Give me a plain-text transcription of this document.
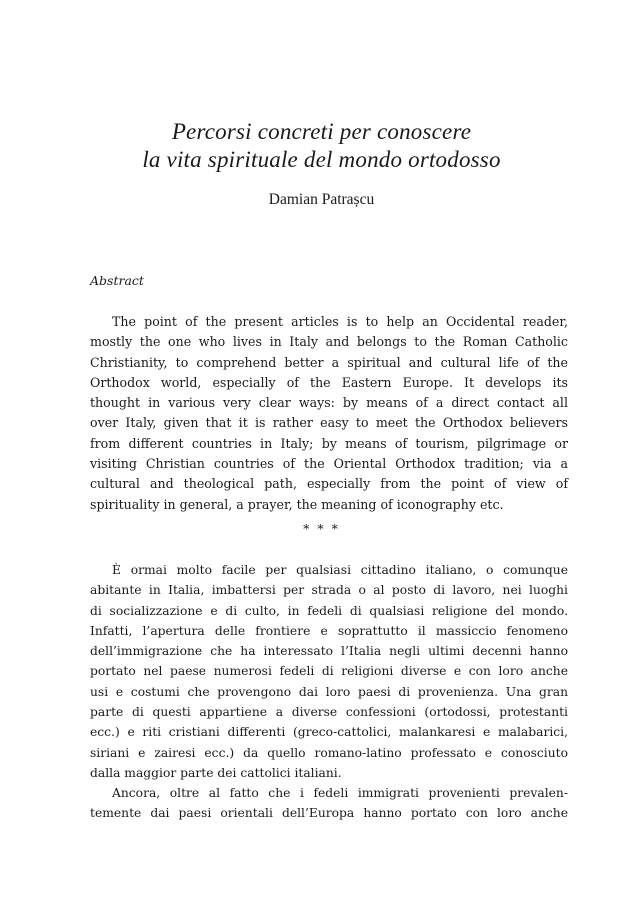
Percorsi concreti per conoscere
la vita spirituale del mondo ortodosso
Damian Patrașcu
Abstract
The point of the present articles is to help an Occidental reader,
mostly the one who lives in Italy and belongs to the Roman Catholic
Christianity, to comprehend better a spiritual and cultural life of the
Orthodox world, especially of the Eastern Europe. It develops its
thought in various very clear ways: by means of a direct contact all
over Italy, given that it is rather easy to meet the Orthodox believers
from different countries in Italy; by means of tourism, pilgrimage or
visiting Christian countries of the Oriental Orthodox tradition; via a
cultural and theological path, especially from the point of view of
spirituality in general, a prayer, the meaning of iconography etc.
* * *
È ormai molto facile per qualsiasi cittadino italiano, o comunque
abitante in Italia, imbattersi per strada o al posto di lavoro, nei luoghi
di socializzazione e di culto, in fedeli di qualsiasi religione del mondo.
Infatti, l’apertura delle frontiere e soprattutto il massiccio fenomeno
dell’immigrazione che ha interessato l’Italia negli ultimi decenni hanno
portato nel paese numerosi fedeli di religioni diverse e con loro anche
usi e costumi che provengono dai loro paesi di provenienza. Una gran
parte di questi appartiene a diverse confessioni (ortodossi, protestanti
ecc.) e riti cristiani differenti (greco-cattolici, malankaresi e malabarici,
siriani e zairesi ecc.) da quello romano-latino professato e conosciuto
dalla maggior parte dei cattolici italiani.
Ancora, oltre al fatto che i fedeli immigrati provenienti prevalen-
temente dai paesi orientali dell’Europa hanno portato con loro anche
